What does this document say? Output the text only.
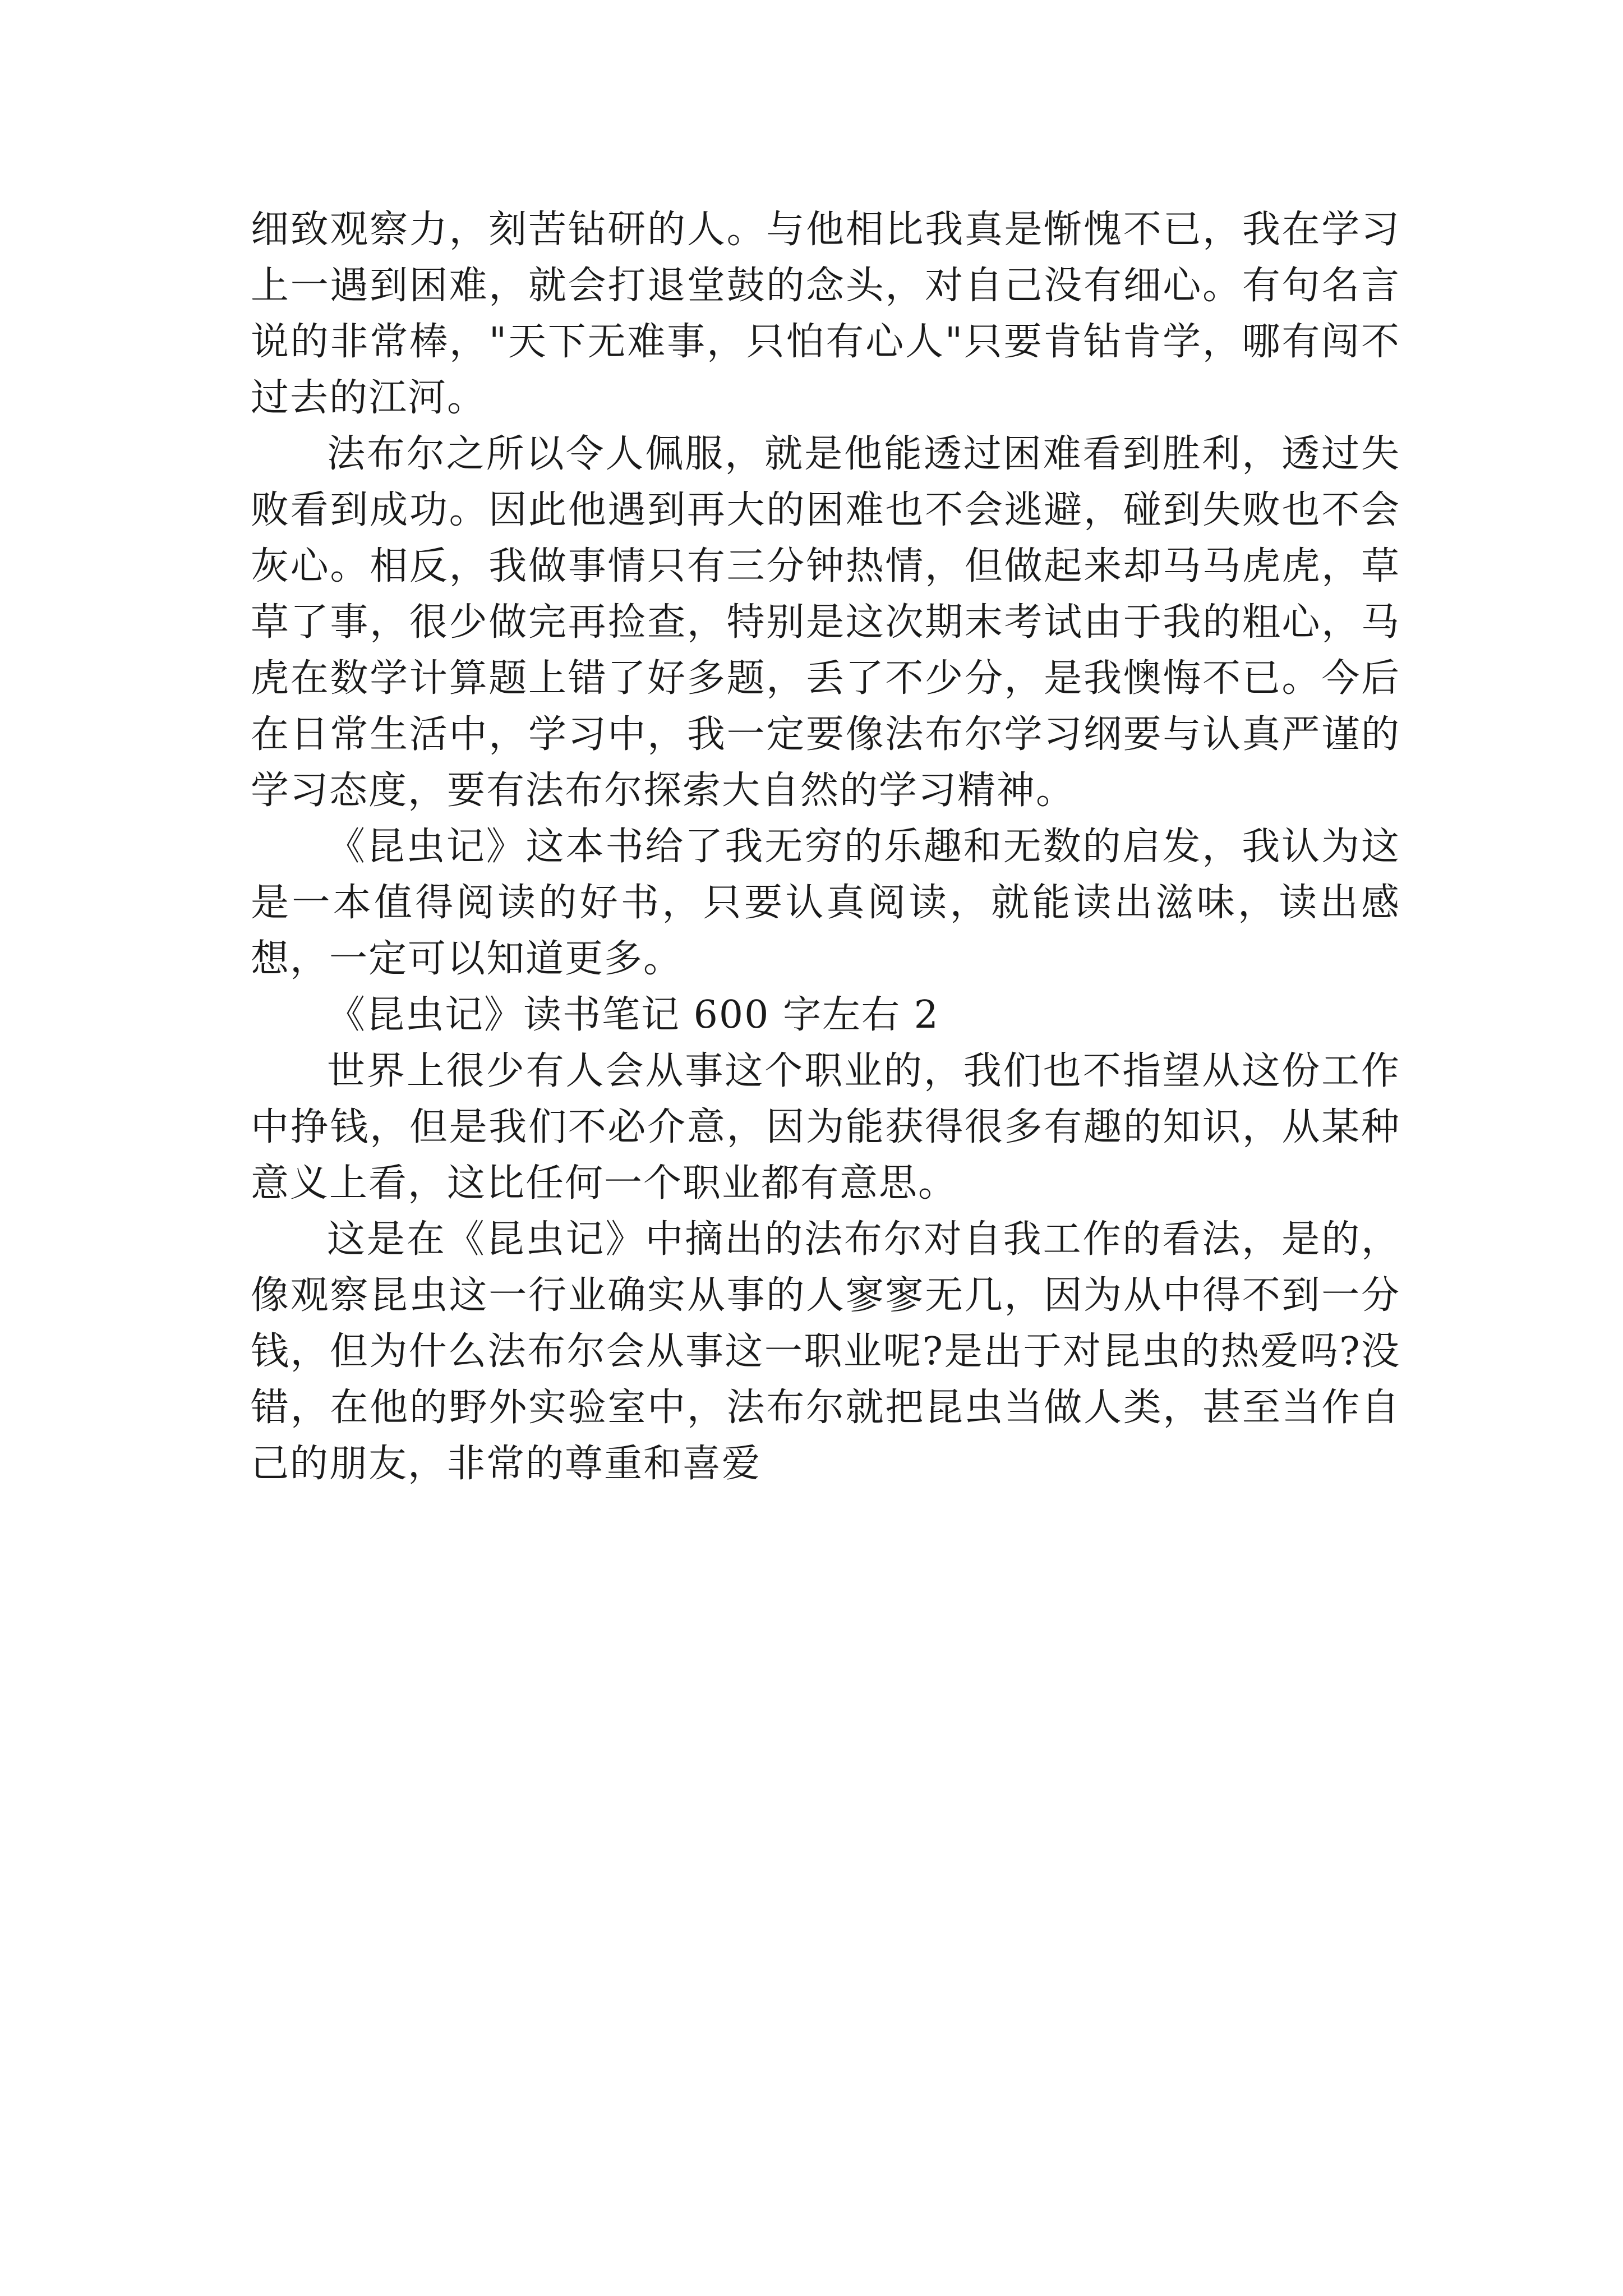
细致观察力，刻苦钻研的人。与他相比我真是惭愧不已，我在学习上一遇到困难，就会打退堂鼓的念头，对自己没有细心。有句名言说的非常棒，"天下无难事，只怕有心人"只要肯钻肯学，哪有闯不过去的江河。

法布尔之所以令人佩服，就是他能透过困难看到胜利，透过失败看到成功。因此他遇到再大的困难也不会逃避，碰到失败也不会灰心。相反，我做事情只有三分钟热情，但做起来却马马虎虎，草草了事，很少做完再捡查，特别是这次期末考试由于我的粗心，马虎在数学计算题上错了好多题，丢了不少分，是我懊悔不已。今后在日常生活中，学习中，我一定要像法布尔学习纲要与认真严谨的学习态度，要有法布尔探索大自然的学习精神。

《昆虫记》这本书给了我无穷的乐趣和无数的启发，我认为这是一本值得阅读的好书，只要认真阅读，就能读出滋味，读出感想，一定可以知道更多。

《昆虫记》读书笔记 600 字左右 2

世界上很少有人会从事这个职业的，我们也不指望从这份工作中挣钱，但是我们不必介意，因为能获得很多有趣的知识，从某种意义上看，这比任何一个职业都有意思。

这是在《昆虫记》中摘出的法布尔对自我工作的看法，是的，像观察昆虫这一行业确实从事的人寥寥无几，因为从中得不到一分钱，但为什么法布尔会从事这一职业呢?是出于对昆虫的热爱吗?没错，在他的野外实验室中，法布尔就把昆虫当做人类，甚至当作自己的朋友，非常的尊重和喜爱
